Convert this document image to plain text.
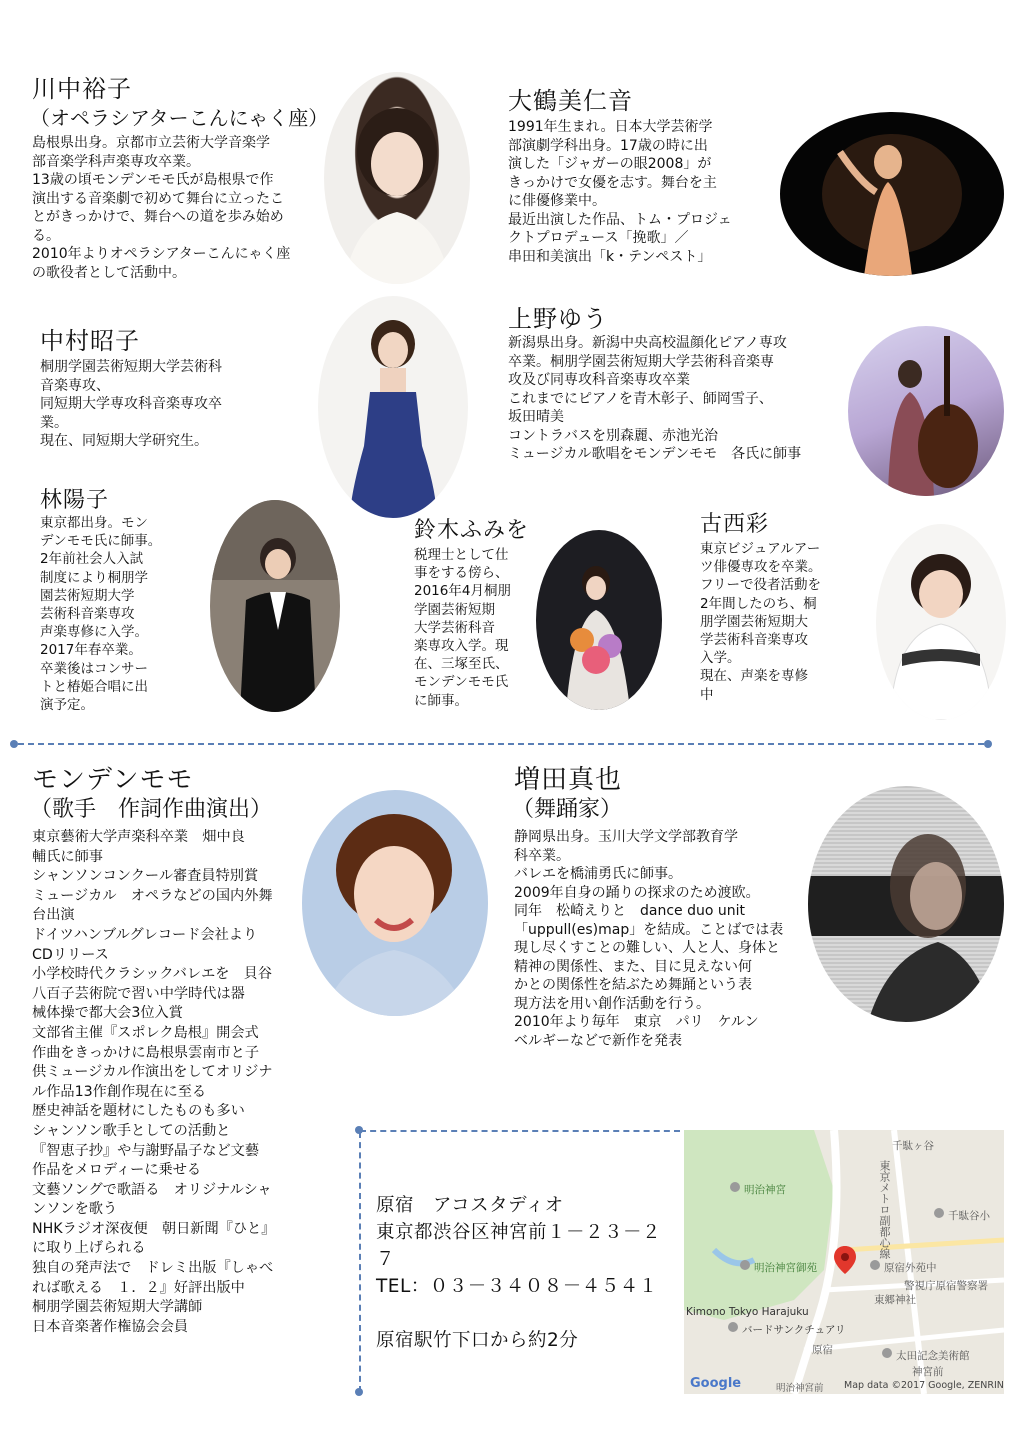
川中裕子
（オペラシアターこんにゃく座）
島根県出身。京都市立芸術大学音楽学
部音楽学科声楽専攻卒業。
13歳の頃モンデンモモ氏が島根県で作
演出する音楽劇で初めて舞台に立ったこ
とがきっかけで、舞台への道を歩み始め
る。
2010年よりオペラシアターこんにゃく座
の歌役者として活動中。
大鶴美仁音
1991年生まれ。日本大学芸術学
部演劇学科出身。17歳の時に出
演した「ジャガーの眼2008」が
きっかけで女優を志す。舞台を主
に俳優修業中。
最近出演した作品、トム・プロジェ
クトプロデュース「挽歌」／
串田和美演出「k・テンペスト」
中村昭子
桐朋学園芸術短期大学芸術科
音楽専攻、
同短期大学専攻科音楽専攻卒
業。
現在、同短期大学研究生。
上野ゆう
新潟県出身。新潟中央高校温顔化ピアノ専攻
卒業。桐朋学園芸術短期大学芸術科音楽専
攻及び同専攻科音楽専攻卒業
これまでにピアノを青木彰子、師岡雪子、
坂田晴美
コントラバスを別森麗、赤池光治
ミュージカル歌唱をモンデンモモ　各氏に師事
林陽子
東京都出身。モン
デンモモ氏に師事。
2年前社会人入試
制度により桐朋学
園芸術短期大学
芸術科音楽専攻
声楽専修に入学。
2017年春卒業。
卒業後はコンサー
トと椿姫合唱に出
演予定。
鈴木ふみを
税理士として仕
事をする傍ら、
2016年4月桐朋
学園芸術短期
大学芸術科音
楽専攻入学。現
在、三塚至氏、
モンデンモモ氏
に師事。
古西彩
東京ビジュアルアー
ツ俳優専攻を卒業。
フリーで役者活動を
2年間したのち、桐
朋学園芸術短期大
学芸術科音楽専攻
入学。
現在、声楽を専修
中
モンデンモモ
（歌手　作詞作曲演出）
東京藝術大学声楽科卒業　畑中良
輔氏に師事
シャンソンコンクール審査員特別賞
ミュージカル　オペラなどの国内外舞
台出演
ドイツハンブルグレコード会社より
CDリリース
小学校時代クラシックバレエを　貝谷
八百子芸術院で習い中学時代は器
械体操で都大会3位入賞
文部省主催『スポレク島根』開会式
作曲をきっかけに島根県雲南市と子
供ミュージカル作演出をしてオリジナ
ル作品13作創作現在に至る
歴史神話を題材にしたものも多い
シャンソン歌手としての活動と
『智恵子抄』や与謝野晶子など文藝
作品をメロディーに乗せる
文藝ソングで歌語る　オリジナルシャ
ンソンを歌う
NHKラジオ深夜便　朝日新聞『ひと』
に取り上げられる
独自の発声法で　ドレミ出版『しゃべ
れば歌える　１．２』好評出版中
桐朋学園芸術短期大学講師
日本音楽著作権協会会員
増田真也
（舞踊家）
静岡県出身。玉川大学文学部教育学
科卒業。
バレエを橋浦勇氏に師事。
2009年自身の踊りの探求のため渡欧。
同年　松崎えりと　dance duo unit
「uppull(es)map」を結成。ことばでは表
現し尽くすことの難しい、人と人、身体と
精神の関係性、また、目に見えない何
かとの関係性を結ぶため舞踊という表
現方法を用い創作活動を行う。
2010年より毎年　東京　パリ　ケルン
ベルギーなどで新作を発表
原宿　アコスタディオ
東京都渋谷区神宮前１－２３－２７
TEL：０３－３４０８－４５４１

原宿駅竹下口から約2分
千駄ヶ谷
東京メトロ副都心線
明治神宮
千駄谷小
明治神宮御苑	原宿外苑中
警視庁原宿警察署
東郷神社
Kimono Tokyo Harajuku
バードサンクチュアリ
原宿	太田記念美術館
神宮前
Google	明治神宮前 Map data ©2017 Google, ZENRIN
